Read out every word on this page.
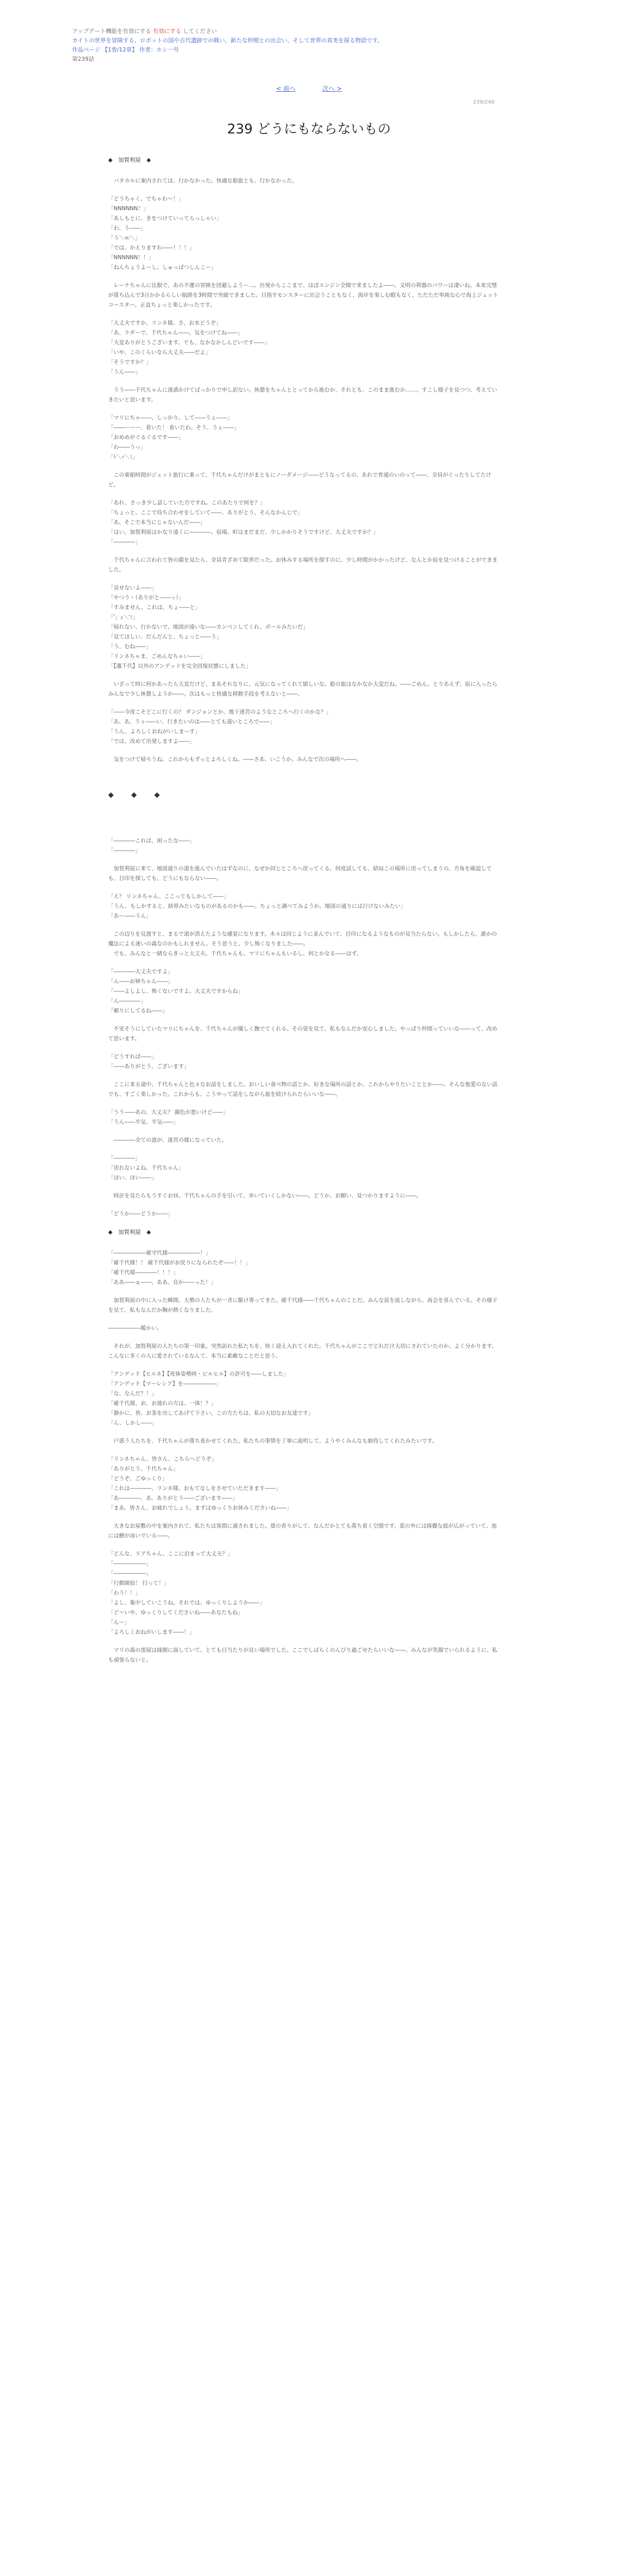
アップデート機能を有効にする 有効にする してください
カイトの世界を冒険する、ロボットの国や古代遺跡での戦い、新たな仲間との出会い、そして世界の真実を探る物語です。
作品ページ 【1巻/12章】 作者：ホシ一号
第239話
< 前へ	次へ >
239/240
239 どうにもならないもの
◆　加賀利屋　◆

　バタカルに案内されては、行かなかった。快適な船旅とも、行かなかった。

「どうちゃく、でちゃわ～！」
「NNNNNN！」
「あしもとに、きをつけていってらっしゃい」
「わ、う――」
「う＼ｗ＼」
「では、かえりますわ――！！！」
「NNNNNN！！」
「ねんちょうよーし、しゅっぱつしんこー」

　レーナちゃんに比叡で、あの不運の冒険を回避しようー…。出発からここまで、ほぼエンジン全開で来ましたよ――。文明の利器のパワーは凄いね。本来完璧が落ち込んで3日かかるらしい航路を3時間で突破できました。目指すモンスターに出会うこともなく、海岸を楽しむ暇もなく、ただただ単純な心で海上ジェットコースター。正直ちょっと楽しかったです。

「大丈夫ですか、リンネ様。さ、お水どうぞ」
「あ、ラダーで、千代ちゃん――。気をつけてね――」
「大変ありがとうございます。でも、なかなかしんどいです――」
「いや、このくらいなら大丈夫――だよ」
「そうですか？」
「うん――」

　うう――千代ちゃんに迷惑かけてばっかりで申し訳ない。休憩をちゃんととってから進むか、それとも、このまま進むか……。すこし様子を見つつ、考えていきたいと思います。

「マリにちゃ――、しっかり、して――うぇ――」
「――ーーー、着いた！ 着いたわ。そう、うぇ――」
「おめめがぐるぐるです――」
「わ――うっ」
「ﾄ＼ｧ＼ﾐ」

　この乗船時間がジェット旅行に乗って、千代ちゃんだけがまともにノーダメージ――どうなってるの、あれで普通のいのって――、全員がぐったりしてたけど。

「あれ、さっき少し話していた方ですね。このあたりで何を？」
「ちょっと、ここで待ち合わせをしていて――、ありがとう、そんなかんじで」
「あ、そこで本当にじゃないんだ――」
「はい。加賀利屋はかなり遠くに――――。宿場、町はまだまだ、少しかかりそうですけど、大丈夫ですか？」
「――――」

　千代ちゃんに言われて皆の顔を見たら、全員青ざめて限界だった。お休みする場所を探すのに、少し時間がかかったけど、なんとか宿を見つけることができました。

「見せないよ――」
「やつう・（ありがと――っ）」
「すみません、これは、ちょ――と」
「'」ｪ＼'ﾐ」
「帰れない、行かないで、地図が遠いな――カンベンしてくれ、ボールみたいだ」
「見てほしい、だんだんと、ちょっと――う」
「う、むね――」
「リンネちゃま、ごめんなちゃい――」
「【藩千代】以外のアンデッドを完全回復状態にしました」

　いざって時に何かあったら大変だけど、まあそれなりに、元気になってくれて嬉しいな。船の旅はなかなか大変だね。――ごめん。とりあえず、宿に入ったらみんなで少し休憩しようか――。次はもっと快適な移動手段を考えないと――。

「――今度こそどこに行くの？ ダンジョンとか、地下迷宮のようなところへ行くのかな？」
「あ、あ、うぅ――い、行きたいのは――とても遠いところで――」
「うん、よろしくおねがいしまーす」
「では、改めて出発しますよ――」

　気をつけて帰ろうね。これからもずっとよろしくね。――さあ、いこうか。みんなで次の場所へ――。

◆　◆　◆

「――――これは、困ったな――」
「――――」

　加賀利屋に来て、地図通りの道を進んでいたはずなのに、なぜか同じところへ戻ってくる。何度試しても、結局この場所に戻ってしまうの。方角を確認しても、目印を探しても、どうにもならない――。

「え？ リンネちゃん、ここってもしかして――」
「うん、もしかすると、結界みたいなものがあるのかも――。ちょっと調べてみようか。地図の通りには行けないみたい」
「あー――うん」

　この辺りを見渡すと、まるで道が消えたような感覚になります。木々は同じように並んでいて、目印になるようなものが見当たらない。もしかしたら、誰かの魔法による迷いの森なのかもしれません。そう思うと、少し怖くなりました――。
　でも、みんなと一緒ならきっと大丈夫。千代ちゃんも、マリにちゃんもいるし、何とかなる――はず。

「――――大丈夫ですよ」
「ん――お姉ちゃん――」
「――よしよし、怖くないですよ。大丈夫ですからね」
「ん――――」
「頼りにしてるね――」

　不安そうにしていたマリにちゃんを、千代ちゃんが優しく撫でてくれる。その姿を見て、私もなんだか安心しました。やっぱり仲間っていいな――って、改めて思います。

「どうすれば――」
「――ありがとう、ございます」

　ここに来る途中、千代ちゃんと色々なお話をしました。おいしい食べ物の話とか、好きな場所の話とか、これからやりたいこととか――。そんな他愛のない話でも、すごく楽しかった。これからも、こうやって話をしながら旅を続けられたらいいな――。

「うう――あの、大丈夫？ 顔色が悪いけど――」
「うん――平気、平気――」

　――――全ての道が、迷宮の様になっていた。

「――――」
「戻れないよね、千代ちゃん」
「ほい、ほい――」

　時計を見たらもうすぐお昼。千代ちゃんの手を引いて、歩いていくしかない――。どうか、お願い、見つかりますように――。

「どうか――どうか――」

◆　加賀利屋　◆

「――――――確守代様――――――！」
「確千代様！！ 確千代様がお戻りになられたぞ――！！」
「確千代様――――！！！」
「ああ――ぁ――、ああ、良か――った！」

　加賀利屋の中に入った瞬間、大勢の人たちが一斉に駆け寄ってきた。確千代様――千代ちゃんのことだ。みんな涙を流しながら、再会を喜んでいる。その様子を見て、私もなんだか胸が熱くなりました。

――――――暖かい。

　それが、加賀利屋の人たちの第一印象。突然訪れた私たちを、快く迎え入れてくれた。千代ちゃんがここでどれだけ大切にされていたのか、よく分かります。こんなに多くの人に愛されているなんて、本当に素敵なことだと思う。

「アンデッド【ヒルネ】【死体姿勢時・ビルヒル】の許可を――しました」
「アンデッド【マーレシア】を――――――」
「な、なんだ？！」
「確千代様、お、お連れの方は、一体！？」
「静かに、皆、お茶を出してあげて下さい。この方たちは、私の大切なお友達です」
「ん、しかし――」

　戸惑う人たちを、千代ちゃんが落ち着かせてくれた。私たちの事情を丁寧に説明して、ようやくみんなも納得してくれたみたいです。

「リンネちゃん、皆さん、こちらへどうぞ」
「ありがとう、千代ちゃん」
「どうぞ、ごゆっくり」
「これは――――、リンネ様。おもてなしをさせていただきます――」
「あ――――、あ、ありがとう――ございます――」
「まあ、皆さん、お疲れでしょう。まずはゆっくりお休みくださいね――」

　大きなお屋敷の中を案内されて、私たちは客間に通されました。畳の香りがして、なんだかとても落ち着く空間です。窓の外には綺麗な庭が広がっていて、池には鯉が泳いでいる――。

「どんな、リアちゃん、ここに泊まって大丈夫？」
「――――――」
「――――――」
「行動開始！ 行って！」
「わう！！」
「よし、集中していこうね。それでは、ゆっくりしようか――」
「ど〜いや、ゆっくりしてくださいね――あなたもね」
「んー」
「よろしくおねがいします――！」

　マリの森の部屋は縁側に面していて、とても日当たりが良い場所でした。ここでしばらくのんびり過ごせたらいいな――。みんなが笑顔でいられるように、私も頑張らないと。
